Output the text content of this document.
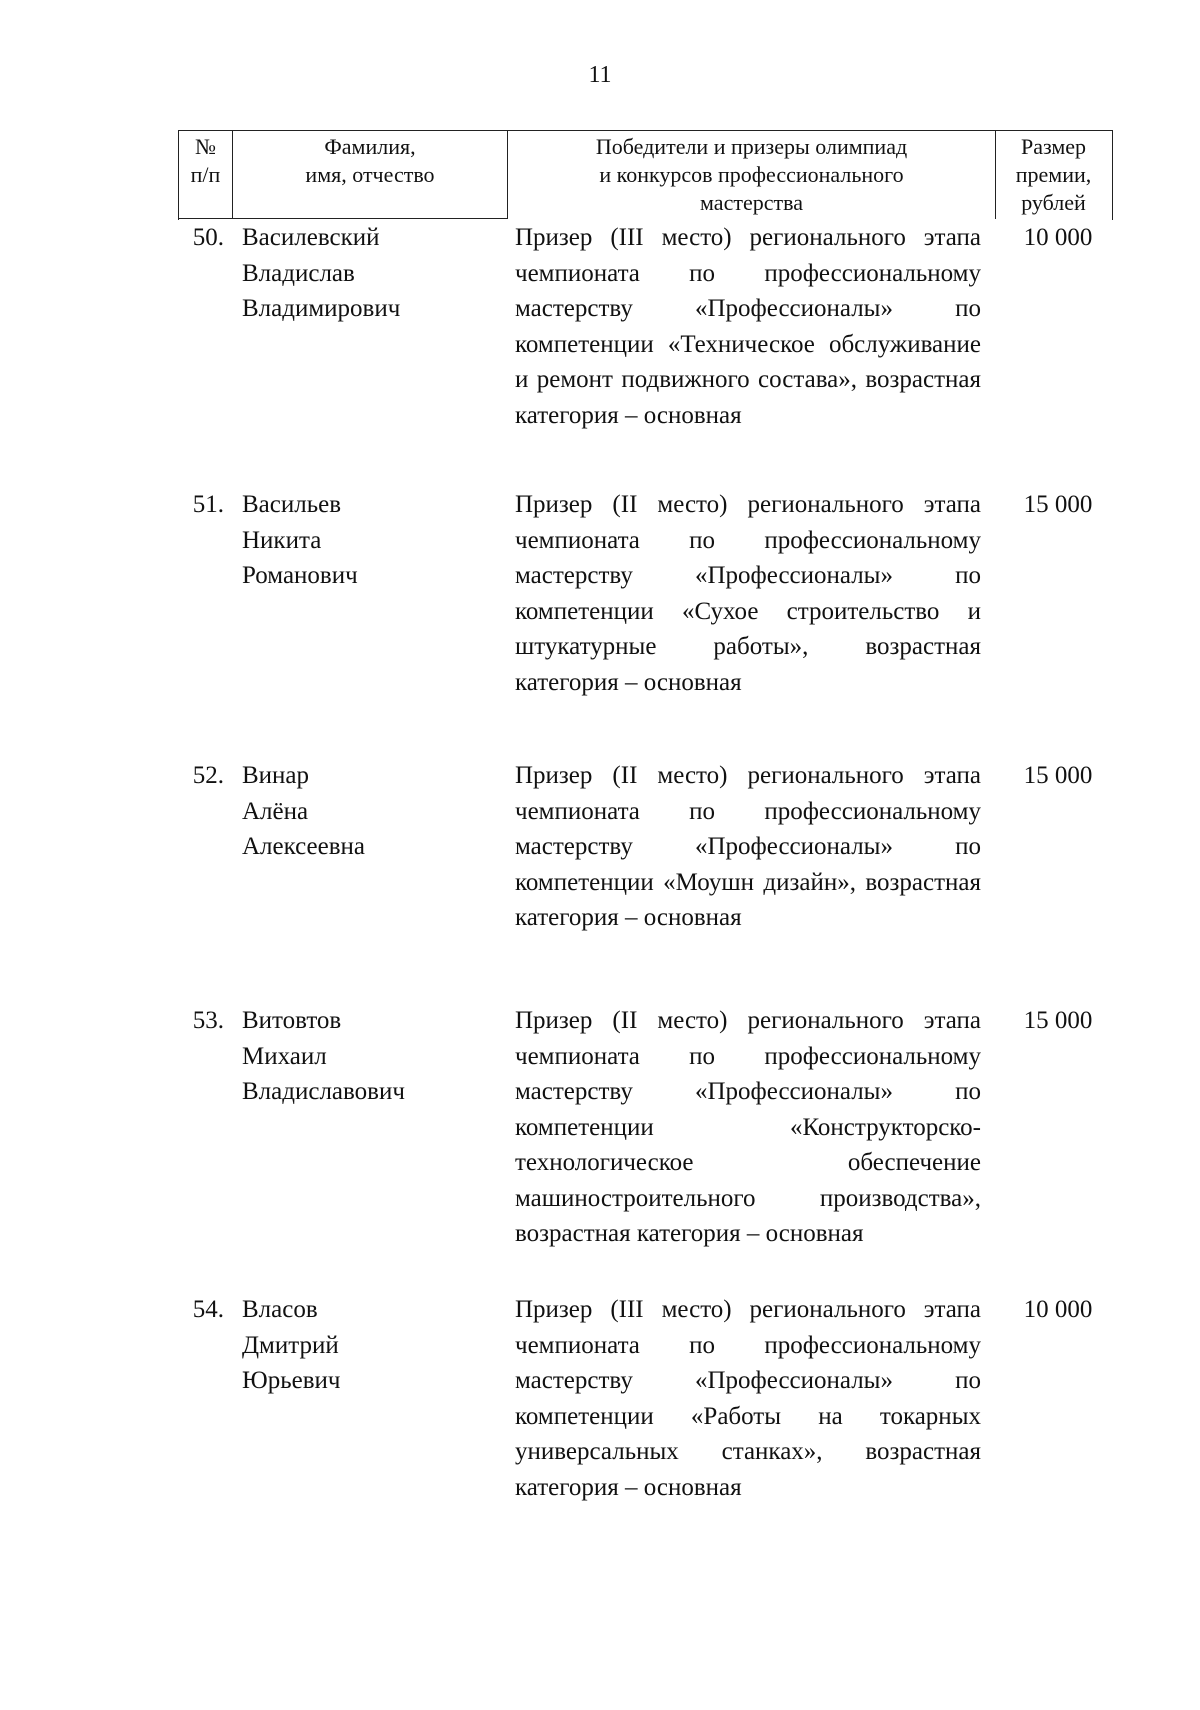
11
№
п/п
Фамилия,
имя, отчество
Победители и призеры олимпиад
и конкурсов профессионального
мастерства
Размер
премии,
рублей
50. Василевский
Владислав
Владимирович
Призер (III место) регионального этапа чемпионата по профессиональному мастерству «Профессионалы» по компетенции «Техническое обслуживание и ремонт подвижного состава», возрастная категория – основная
10 000
51. Васильев
Никита
Романович
Призер (II место) регионального этапа чемпионата по профессиональному мастерству «Профессионалы» по компетенции «Сухое строительство и штукатурные работы», возрастная категория – основная
15 000
52. Винар
Алёна
Алексеевна
Призер (II место) регионального этапа чемпионата по профессиональному мастерству «Профессионалы» по компетенции «Моушн дизайн», возрастная категория – основная
15 000
53. Витовтов
Михаил
Владиславович
Призер (II место) регионального этапа чемпионата по профессиональному мастерству «Профессионалы» по компетенции «Конструкторско-технологическое обеспечение машиностроительного производства», возрастная категория – основная
15 000
54. Власов
Дмитрий
Юрьевич
Призер (III место) регионального этапа чемпионата по профессиональному мастерству «Профессионалы» по компетенции «Работы на токарных универсальных станках», возрастная категория – основная
10 000
